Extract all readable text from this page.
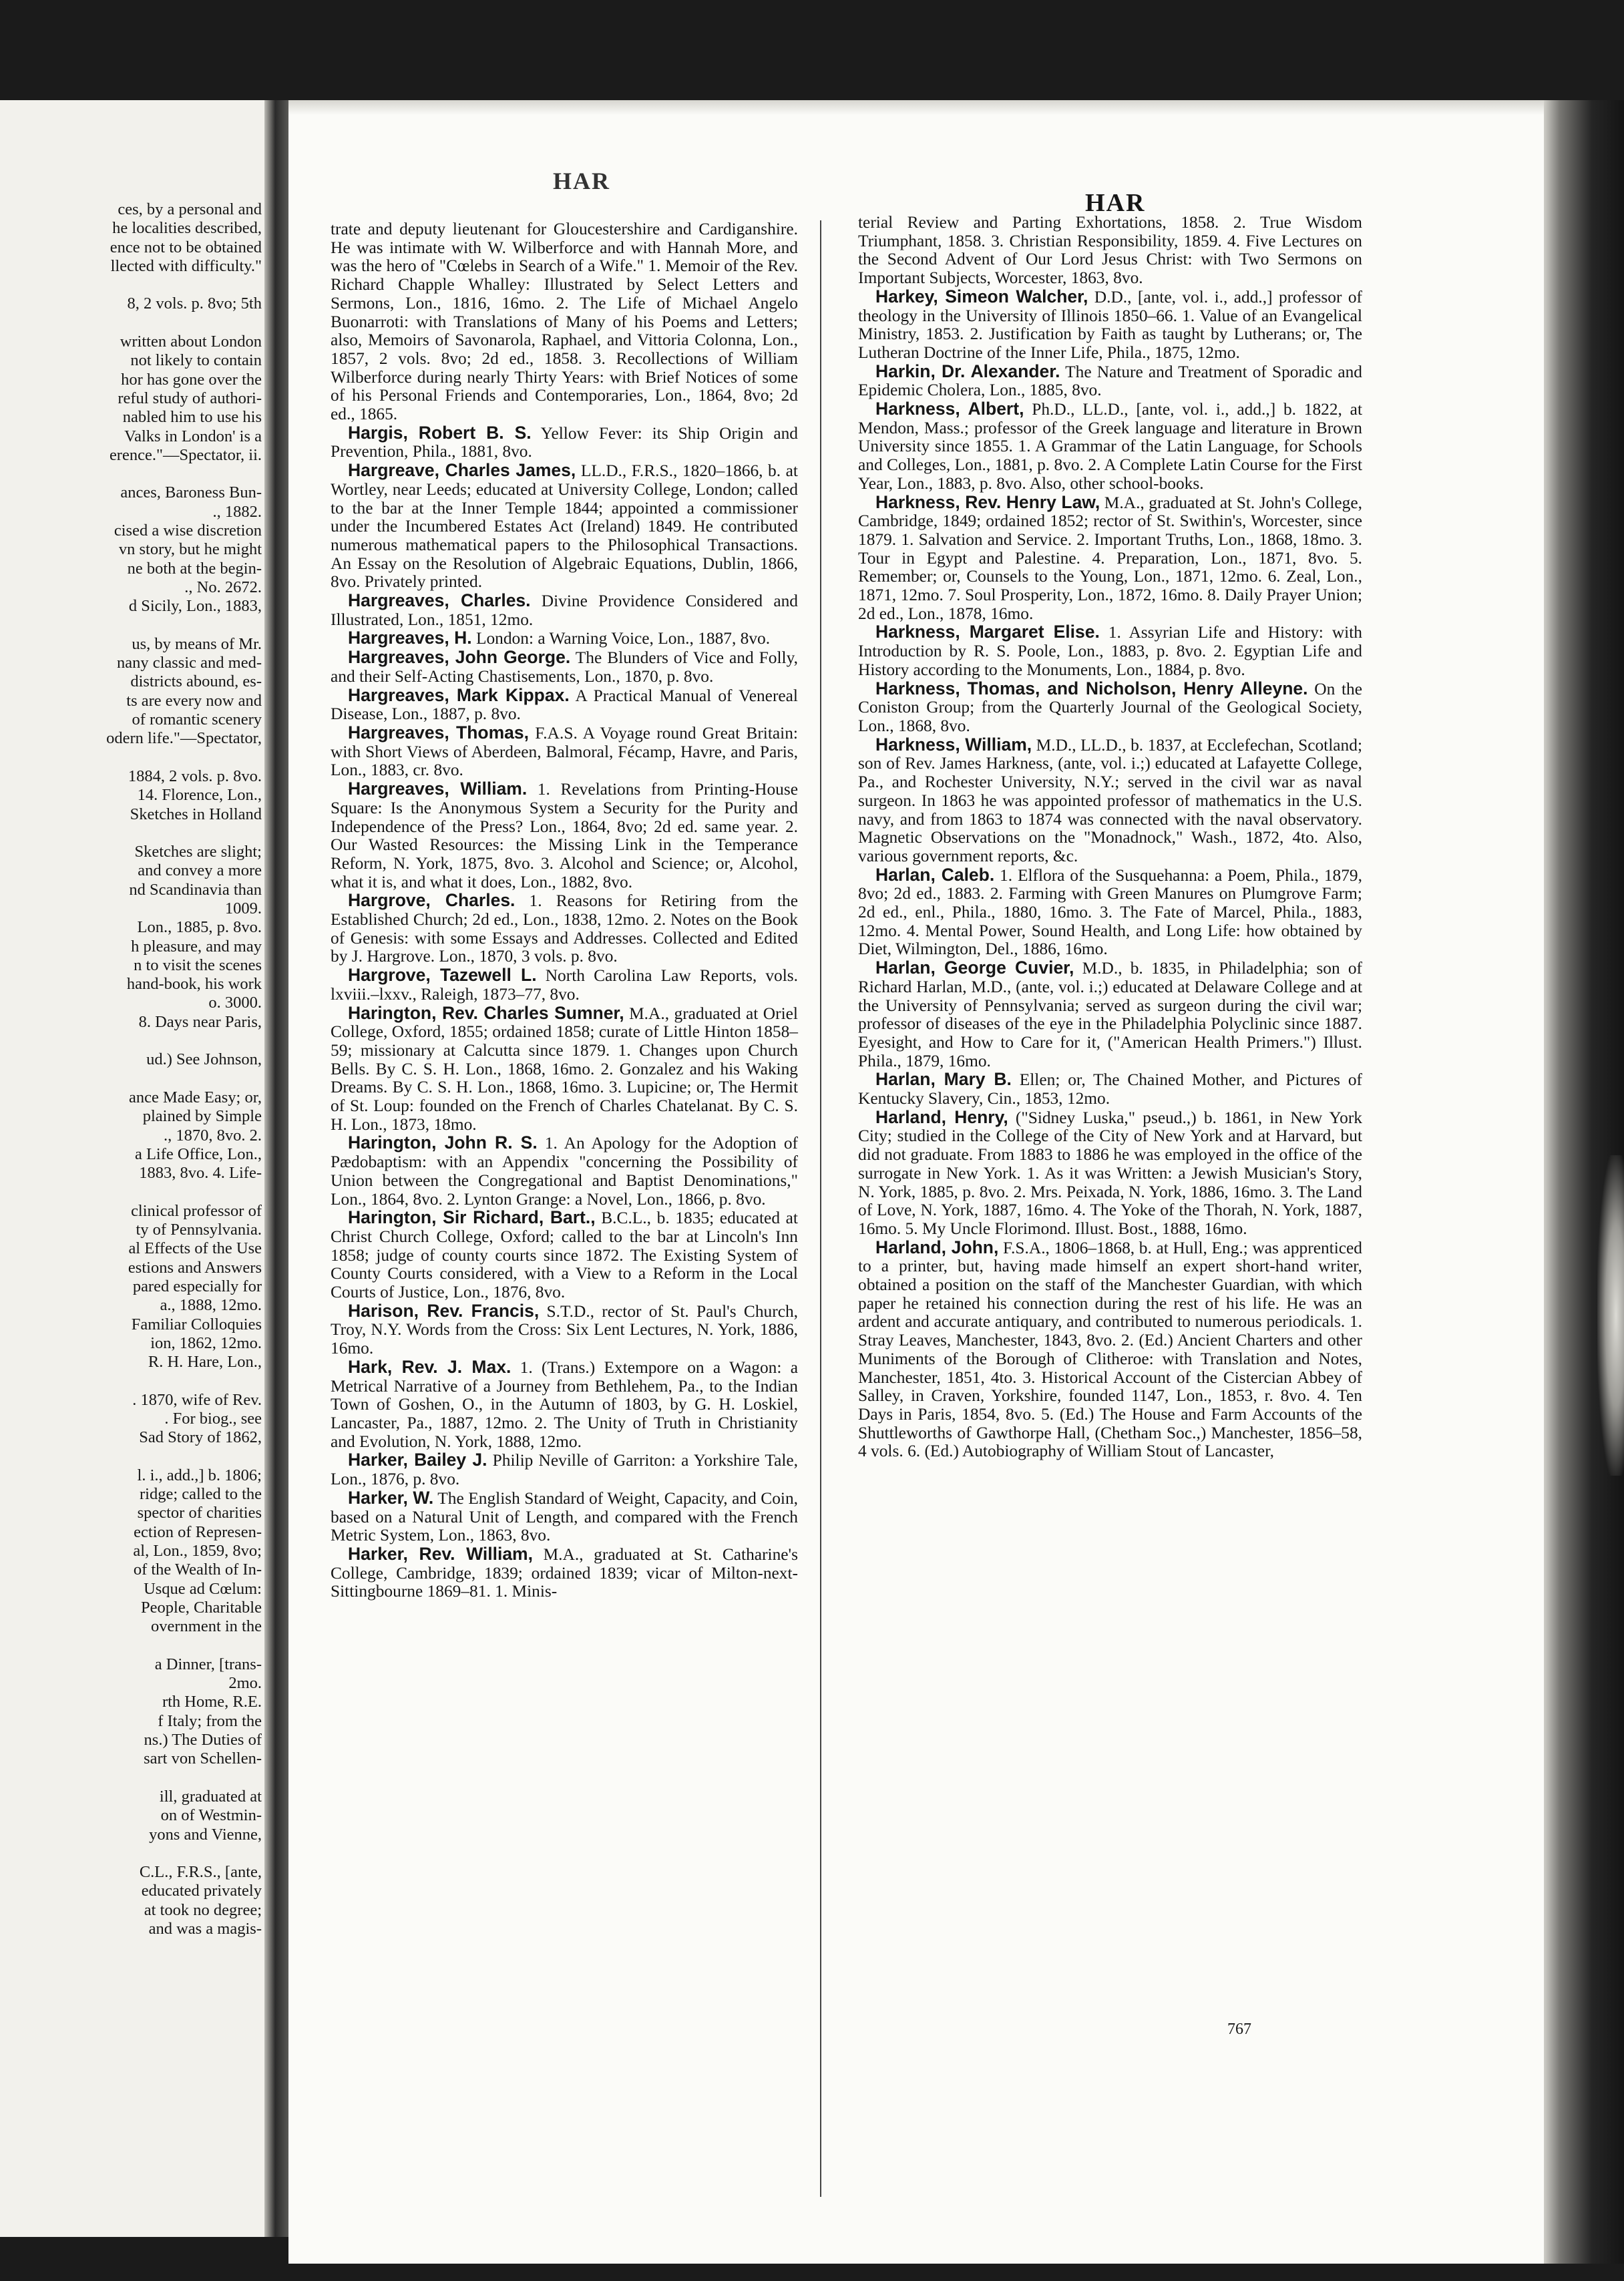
ces, by a personal and
he localities described,
ence not to be obtained
llected with difficulty."
8, 2 vols. p. 8vo; 5th
written about London
not likely to contain
hor has gone over the
reful study of authori-
nabled him to use his
Valks in London' is a
erence."—Spectator, ii.
ances, Baroness Bun-
., 1882.
cised a wise discretion
vn story, but he might
ne both at the begin-
., No. 2672.
d Sicily, Lon., 1883,
us, by means of Mr.
nany classic and med-
districts abound, es-
ts are every now and
of romantic scenery
odern life."—Spectator,
1884, 2 vols. p. 8vo.
14. Florence, Lon.,
Sketches in Holland
Sketches are slight;
and convey a more
nd Scandinavia than
1009.
Lon., 1885, p. 8vo.
h pleasure, and may
n to visit the scenes
hand-book, his work
o. 3000.
8. Days near Paris,
ud.) See Johnson,
ance Made Easy; or,
plained by Simple
., 1870, 8vo. 2.
a Life Office, Lon.,
1883, 8vo. 4. Life-
clinical professor of
ty of Pennsylvania.
al Effects of the Use
estions and Answers
pared especially for
a., 1888, 12mo.
Familiar Colloquies
ion, 1862, 12mo.
R. H. Hare, Lon.,
. 1870, wife of Rev.
. For biog., see
Sad Story of 1862,
l. i., add.,] b. 1806;
ridge; called to the
spector of charities
ection of Represen-
al, Lon., 1859, 8vo;
of the Wealth of In-
Usque ad Cœlum:
People, Charitable
overnment in the
a Dinner, [trans-
2mo.
rth Home, R.E.
f Italy; from the
ns.) The Duties of
sart von Schellen-
ill, graduated at
on of Westmin-
yons and Vienne,
C.L., F.R.S., [ante,
educated privately
at took no degree;
and was a magis-
HAR
HAR

trate and deputy lieutenant for Gloucestershire and Cardiganshire. He was intimate with W. Wilberforce and with Hannah More, and was the hero of "Cœlebs in Search of a Wife." 1. Memoir of the Rev. Richard Chapple Whalley: Illustrated by Select Letters and Sermons, Lon., 1816, 16mo. 2. The Life of Michael Angelo Buonarroti: with Translations of Many of his Poems and Letters; also, Memoirs of Savonarola, Raphael, and Vittoria Colonna, Lon., 1857, 2 vols. 8vo; 2d ed., 1858. 3. Recollections of William Wilberforce during nearly Thirty Years: with Brief Notices of some of his Personal Friends and Contemporaries, Lon., 1864, 8vo; 2d ed., 1865.

Hargis, Robert B. S. Yellow Fever: its Ship Origin and Prevention, Phila., 1881, 8vo.

Hargreave, Charles James, LL.D., F.R.S., 1820–1866, b. at Wortley, near Leeds; educated at University College, London; called to the bar at the Inner Temple 1844; appointed a commissioner under the Incumbered Estates Act (Ireland) 1849. He contributed numerous mathematical papers to the Philosophical Transactions. An Essay on the Resolution of Algebraic Equations, Dublin, 1866, 8vo. Privately printed.

Hargreaves, Charles. Divine Providence Considered and Illustrated, Lon., 1851, 12mo.

Hargreaves, H. London: a Warning Voice, Lon., 1887, 8vo.

Hargreaves, John George. The Blunders of Vice and Folly, and their Self-Acting Chastisements, Lon., 1870, p. 8vo.

Hargreaves, Mark Kippax. A Practical Manual of Venereal Disease, Lon., 1887, p. 8vo.

Hargreaves, Thomas, F.A.S. A Voyage round Great Britain: with Short Views of Aberdeen, Balmoral, Fécamp, Havre, and Paris, Lon., 1883, cr. 8vo.

Hargreaves, William. 1. Revelations from Printing-House Square: Is the Anonymous System a Security for the Purity and Independence of the Press? Lon., 1864, 8vo; 2d ed. same year. 2. Our Wasted Resources: the Missing Link in the Temperance Reform, N. York, 1875, 8vo. 3. Alcohol and Science; or, Alcohol, what it is, and what it does, Lon., 1882, 8vo.

Hargrove, Charles. 1. Reasons for Retiring from the Established Church; 2d ed., Lon., 1838, 12mo. 2. Notes on the Book of Genesis: with some Essays and Addresses. Collected and Edited by J. Hargrove. Lon., 1870, 3 vols. p. 8vo.

Hargrove, Tazewell L. North Carolina Law Reports, vols. lxviii.–lxxv., Raleigh, 1873–77, 8vo.

Harington, Rev. Charles Sumner, M.A., graduated at Oriel College, Oxford, 1855; ordained 1858; curate of Little Hinton 1858–59; missionary at Calcutta since 1879. 1. Changes upon Church Bells. By C. S. H. Lon., 1868, 16mo. 2. Gonzalez and his Waking Dreams. By C. S. H. Lon., 1868, 16mo. 3. Lupicine; or, The Hermit of St. Loup: founded on the French of Charles Chatelanat. By C. S. H. Lon., 1873, 18mo.

Harington, John R. S. 1. An Apology for the Adoption of Pædobaptism: with an Appendix "concerning the Possibility of Union between the Congregational and Baptist Denominations," Lon., 1864, 8vo. 2. Lynton Grange: a Novel, Lon., 1866, p. 8vo.

Harington, Sir Richard, Bart., B.C.L., b. 1835; educated at Christ Church College, Oxford; called to the bar at Lincoln's Inn 1858; judge of county courts since 1872. The Existing System of County Courts considered, with a View to a Reform in the Local Courts of Justice, Lon., 1876, 8vo.

Harison, Rev. Francis, S.T.D., rector of St. Paul's Church, Troy, N.Y. Words from the Cross: Six Lent Lectures, N. York, 1886, 16mo.

Hark, Rev. J. Max. 1. (Trans.) Extempore on a Wagon: a Metrical Narrative of a Journey from Bethlehem, Pa., to the Indian Town of Goshen, O., in the Autumn of 1803, by G. H. Loskiel, Lancaster, Pa., 1887, 12mo. 2. The Unity of Truth in Christianity and Evolution, N. York, 1888, 12mo.

Harker, Bailey J. Philip Neville of Garriton: a Yorkshire Tale, Lon., 1876, p. 8vo.

Harker, W. The English Standard of Weight, Capacity, and Coin, based on a Natural Unit of Length, and compared with the French Metric System, Lon., 1863, 8vo.

Harker, Rev. William, M.A., graduated at St. Catharine's College, Cambridge, 1839; ordained 1839; vicar of Milton-next-Sittingbourne 1869–81. 1. Minis-

terial Review and Parting Exhortations, 1858. 2. True Wisdom Triumphant, 1858. 3. Christian Responsibility, 1859. 4. Five Lectures on the Second Advent of Our Lord Jesus Christ: with Two Sermons on Important Subjects, Worcester, 1863, 8vo.

Harkey, Simeon Walcher, D.D., [ante, vol. i., add.,] professor of theology in the University of Illinois 1850–66. 1. Value of an Evangelical Ministry, 1853. 2. Justification by Faith as taught by Lutherans; or, The Lutheran Doctrine of the Inner Life, Phila., 1875, 12mo.

Harkin, Dr. Alexander. The Nature and Treatment of Sporadic and Epidemic Cholera, Lon., 1885, 8vo.

Harkness, Albert, Ph.D., LL.D., [ante, vol. i., add.,] b. 1822, at Mendon, Mass.; professor of the Greek language and literature in Brown University since 1855. 1. A Grammar of the Latin Language, for Schools and Colleges, Lon., 1881, p. 8vo. 2. A Complete Latin Course for the First Year, Lon., 1883, p. 8vo. Also, other school-books.

Harkness, Rev. Henry Law, M.A., graduated at St. John's College, Cambridge, 1849; ordained 1852; rector of St. Swithin's, Worcester, since 1879. 1. Salvation and Service. 2. Important Truths, Lon., 1868, 18mo. 3. Tour in Egypt and Palestine. 4. Preparation, Lon., 1871, 8vo. 5. Remember; or, Counsels to the Young, Lon., 1871, 12mo. 6. Zeal, Lon., 1871, 12mo. 7. Soul Prosperity, Lon., 1872, 16mo. 8. Daily Prayer Union; 2d ed., Lon., 1878, 16mo.

Harkness, Margaret Elise. 1. Assyrian Life and History: with Introduction by R. S. Poole, Lon., 1883, p. 8vo. 2. Egyptian Life and History according to the Monuments, Lon., 1884, p. 8vo.

Harkness, Thomas, and Nicholson, Henry Alleyne. On the Coniston Group; from the Quarterly Journal of the Geological Society, Lon., 1868, 8vo.

Harkness, William, M.D., LL.D., b. 1837, at Ecclefechan, Scotland; son of Rev. James Harkness, (ante, vol. i.;) educated at Lafayette College, Pa., and Rochester University, N.Y.; served in the civil war as naval surgeon. In 1863 he was appointed professor of mathematics in the U.S. navy, and from 1863 to 1874 was connected with the naval observatory. Magnetic Observations on the "Monadnock," Wash., 1872, 4to. Also, various government reports, &c.

Harlan, Caleb. 1. Elflora of the Susquehanna: a Poem, Phila., 1879, 8vo; 2d ed., 1883. 2. Farming with Green Manures on Plumgrove Farm; 2d ed., enl., Phila., 1880, 16mo. 3. The Fate of Marcel, Phila., 1883, 12mo. 4. Mental Power, Sound Health, and Long Life: how obtained by Diet, Wilmington, Del., 1886, 16mo.

Harlan, George Cuvier, M.D., b. 1835, in Philadelphia; son of Richard Harlan, M.D., (ante, vol. i.;) educated at Delaware College and at the University of Pennsylvania; served as surgeon during the civil war; professor of diseases of the eye in the Philadelphia Polyclinic since 1887. Eyesight, and How to Care for it, ("American Health Primers.") Illust. Phila., 1879, 16mo.

Harlan, Mary B. Ellen; or, The Chained Mother, and Pictures of Kentucky Slavery, Cin., 1853, 12mo.

Harland, Henry, ("Sidney Luska," pseud.,) b. 1861, in New York City; studied in the College of the City of New York and at Harvard, but did not graduate. From 1883 to 1886 he was employed in the office of the surrogate in New York. 1. As it was Written: a Jewish Musician's Story, N. York, 1885, p. 8vo. 2. Mrs. Peixada, N. York, 1886, 16mo. 3. The Land of Love, N. York, 1887, 16mo. 4. The Yoke of the Thorah, N. York, 1887, 16mo. 5. My Uncle Florimond. Illust. Bost., 1888, 16mo.

Harland, John, F.S.A., 1806–1868, b. at Hull, Eng.; was apprenticed to a printer, but, having made himself an expert short-hand writer, obtained a position on the staff of the Manchester Guardian, with which paper he retained his connection during the rest of his life. He was an ardent and accurate antiquary, and contributed to numerous periodicals. 1. Stray Leaves, Manchester, 1843, 8vo. 2. (Ed.) Ancient Charters and other Muniments of the Borough of Clitheroe: with Translation and Notes, Manchester, 1851, 4to. 3. Historical Account of the Cistercian Abbey of Salley, in Craven, Yorkshire, founded 1147, Lon., 1853, r. 8vo. 4. Ten Days in Paris, 1854, 8vo. 5. (Ed.) The House and Farm Accounts of the Shuttleworths of Gawthorpe Hall, (Chetham Soc.,) Manchester, 1856–58, 4 vols. 6. (Ed.) Autobiography of William Stout of Lancaster,

767
